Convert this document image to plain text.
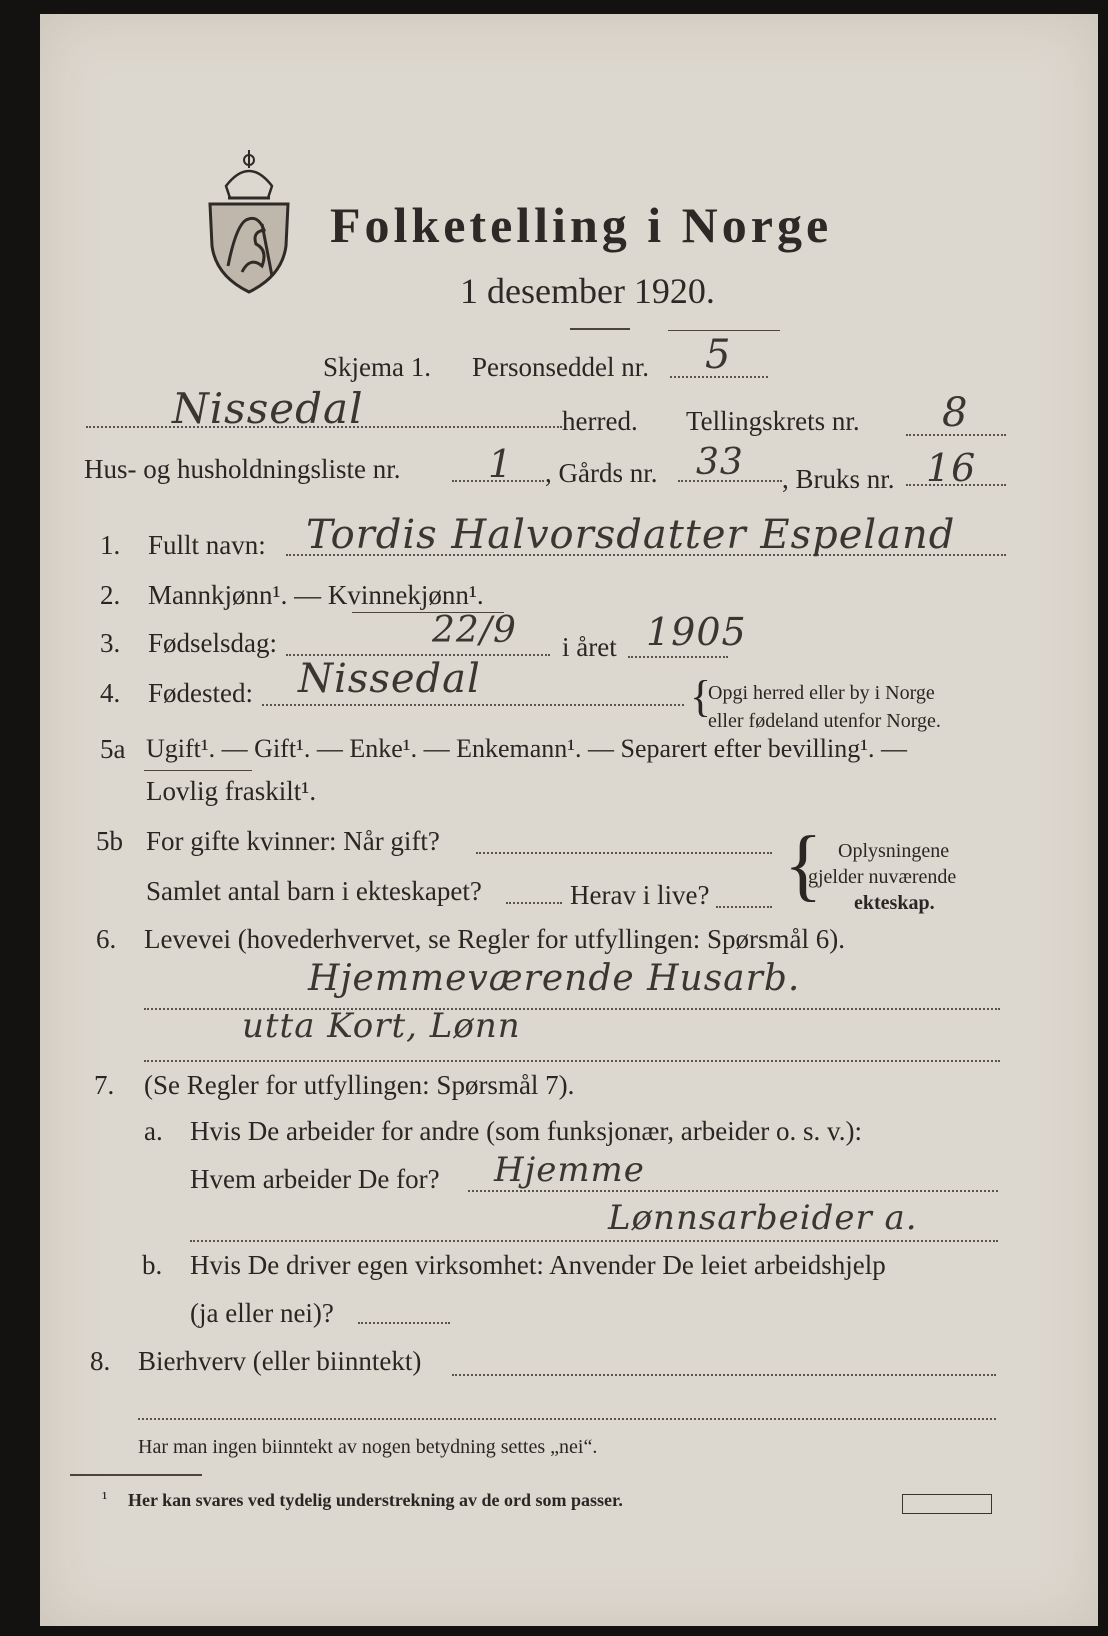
Folketelling i Norge
1 desember 1920.
Skjema 1. Personseddel nr. 5
Nissedal	herred. Tellingskrets nr. 8
Hus- og husholdningsliste nr. 1 , Gårds nr. 33 , Bruks nr. 16
1. Fullt navn: Tordis Halvorsdatter Espeland
2. Mannkjønn¹. — Kvinnekjønn¹.
3. Fødselsdag:	22/9 i året 1905
4. Fødested: Nissedal	{
Opgi herred eller by i Norge
eller fødeland utenfor Norge.
5a Ugift¹. — Gift¹. — Enke¹. — Enkemann¹. — Separert efter bevilling¹. —
Lovlig fraskilt¹.
5b For gifte kvinner: Når gift?
Samlet antal barn i ekteskapet?	Herav i live? { Oplysningene
gjelder nuværende
ekteskap.
6. Levevei (hovederhvervet, se Regler for utfyllingen: Spørsmål 6).
Hjemmeværende Husarb.
utta Kort, Lønn
7. (Se Regler for utfyllingen: Spørsmål 7).
a. Hvis De arbeider for andre (som funksjonær, arbeider o. s. v.):
Hvem arbeider De for? Hjemme
Lønnsarbeider a.
b. Hvis De driver egen virksomhet: Anvender De leiet arbeidshjelp
(ja eller nei)?
8. Bierhverv (eller biinntekt)
Har man ingen biinntekt av nogen betydning settes „nei“.
¹ Her kan svares ved tydelig understrekning av de ord som passer.
